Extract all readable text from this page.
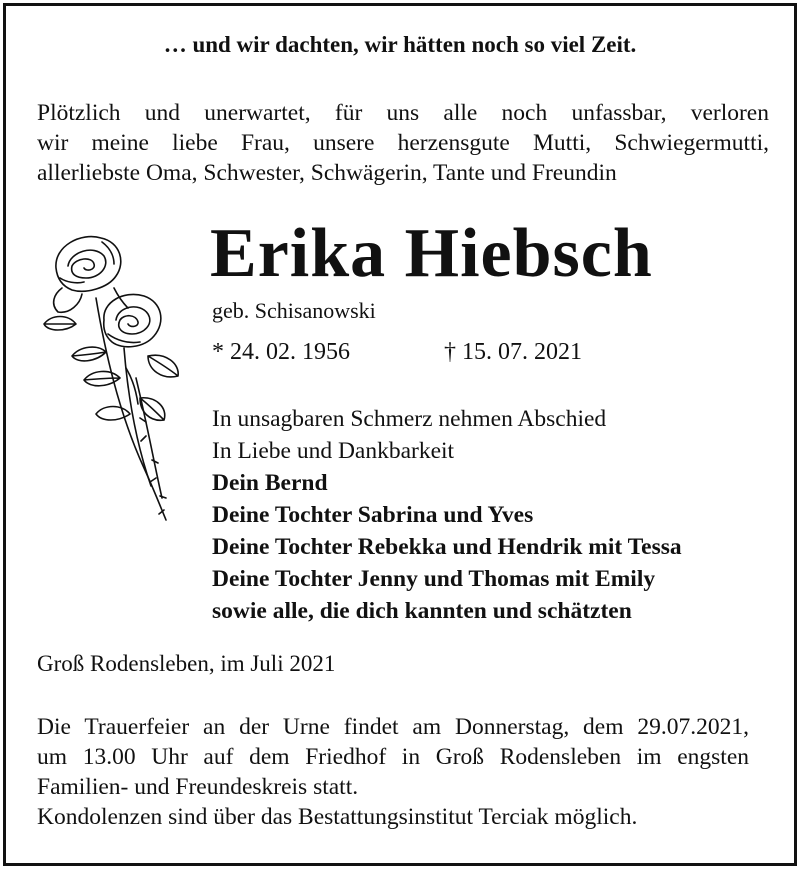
… und wir dachten, wir hätten noch so viel Zeit.
Plötzlich und unerwartet, für uns alle noch unfassbar, verloren
wir meine liebe Frau, unsere herzensgute Mutti, Schwiegermutti,
allerliebste Oma, Schwester, Schwägerin, Tante und Freundin
Erika Hiebsch
geb. Schisanowski
* 24. 02. 1956	† 15. 07. 2021
In unsagbaren Schmerz nehmen Abschied
In Liebe und Dankbarkeit
Dein Bernd
Deine Tochter Sabrina und Yves
Deine Tochter Rebekka und Hendrik mit Tessa
Deine Tochter Jenny und Thomas mit Emily
sowie alle, die dich kannten und schätzten
Groß Rodensleben, im Juli 2021
Die Trauerfeier an der Urne findet am Donnerstag, dem 29.07.2021,
um 13.00 Uhr auf dem Friedhof in Groß Rodensleben im engsten
Familien- und Freundeskreis statt.
Kondolenzen sind über das Bestattungsinstitut Terciak möglich.
